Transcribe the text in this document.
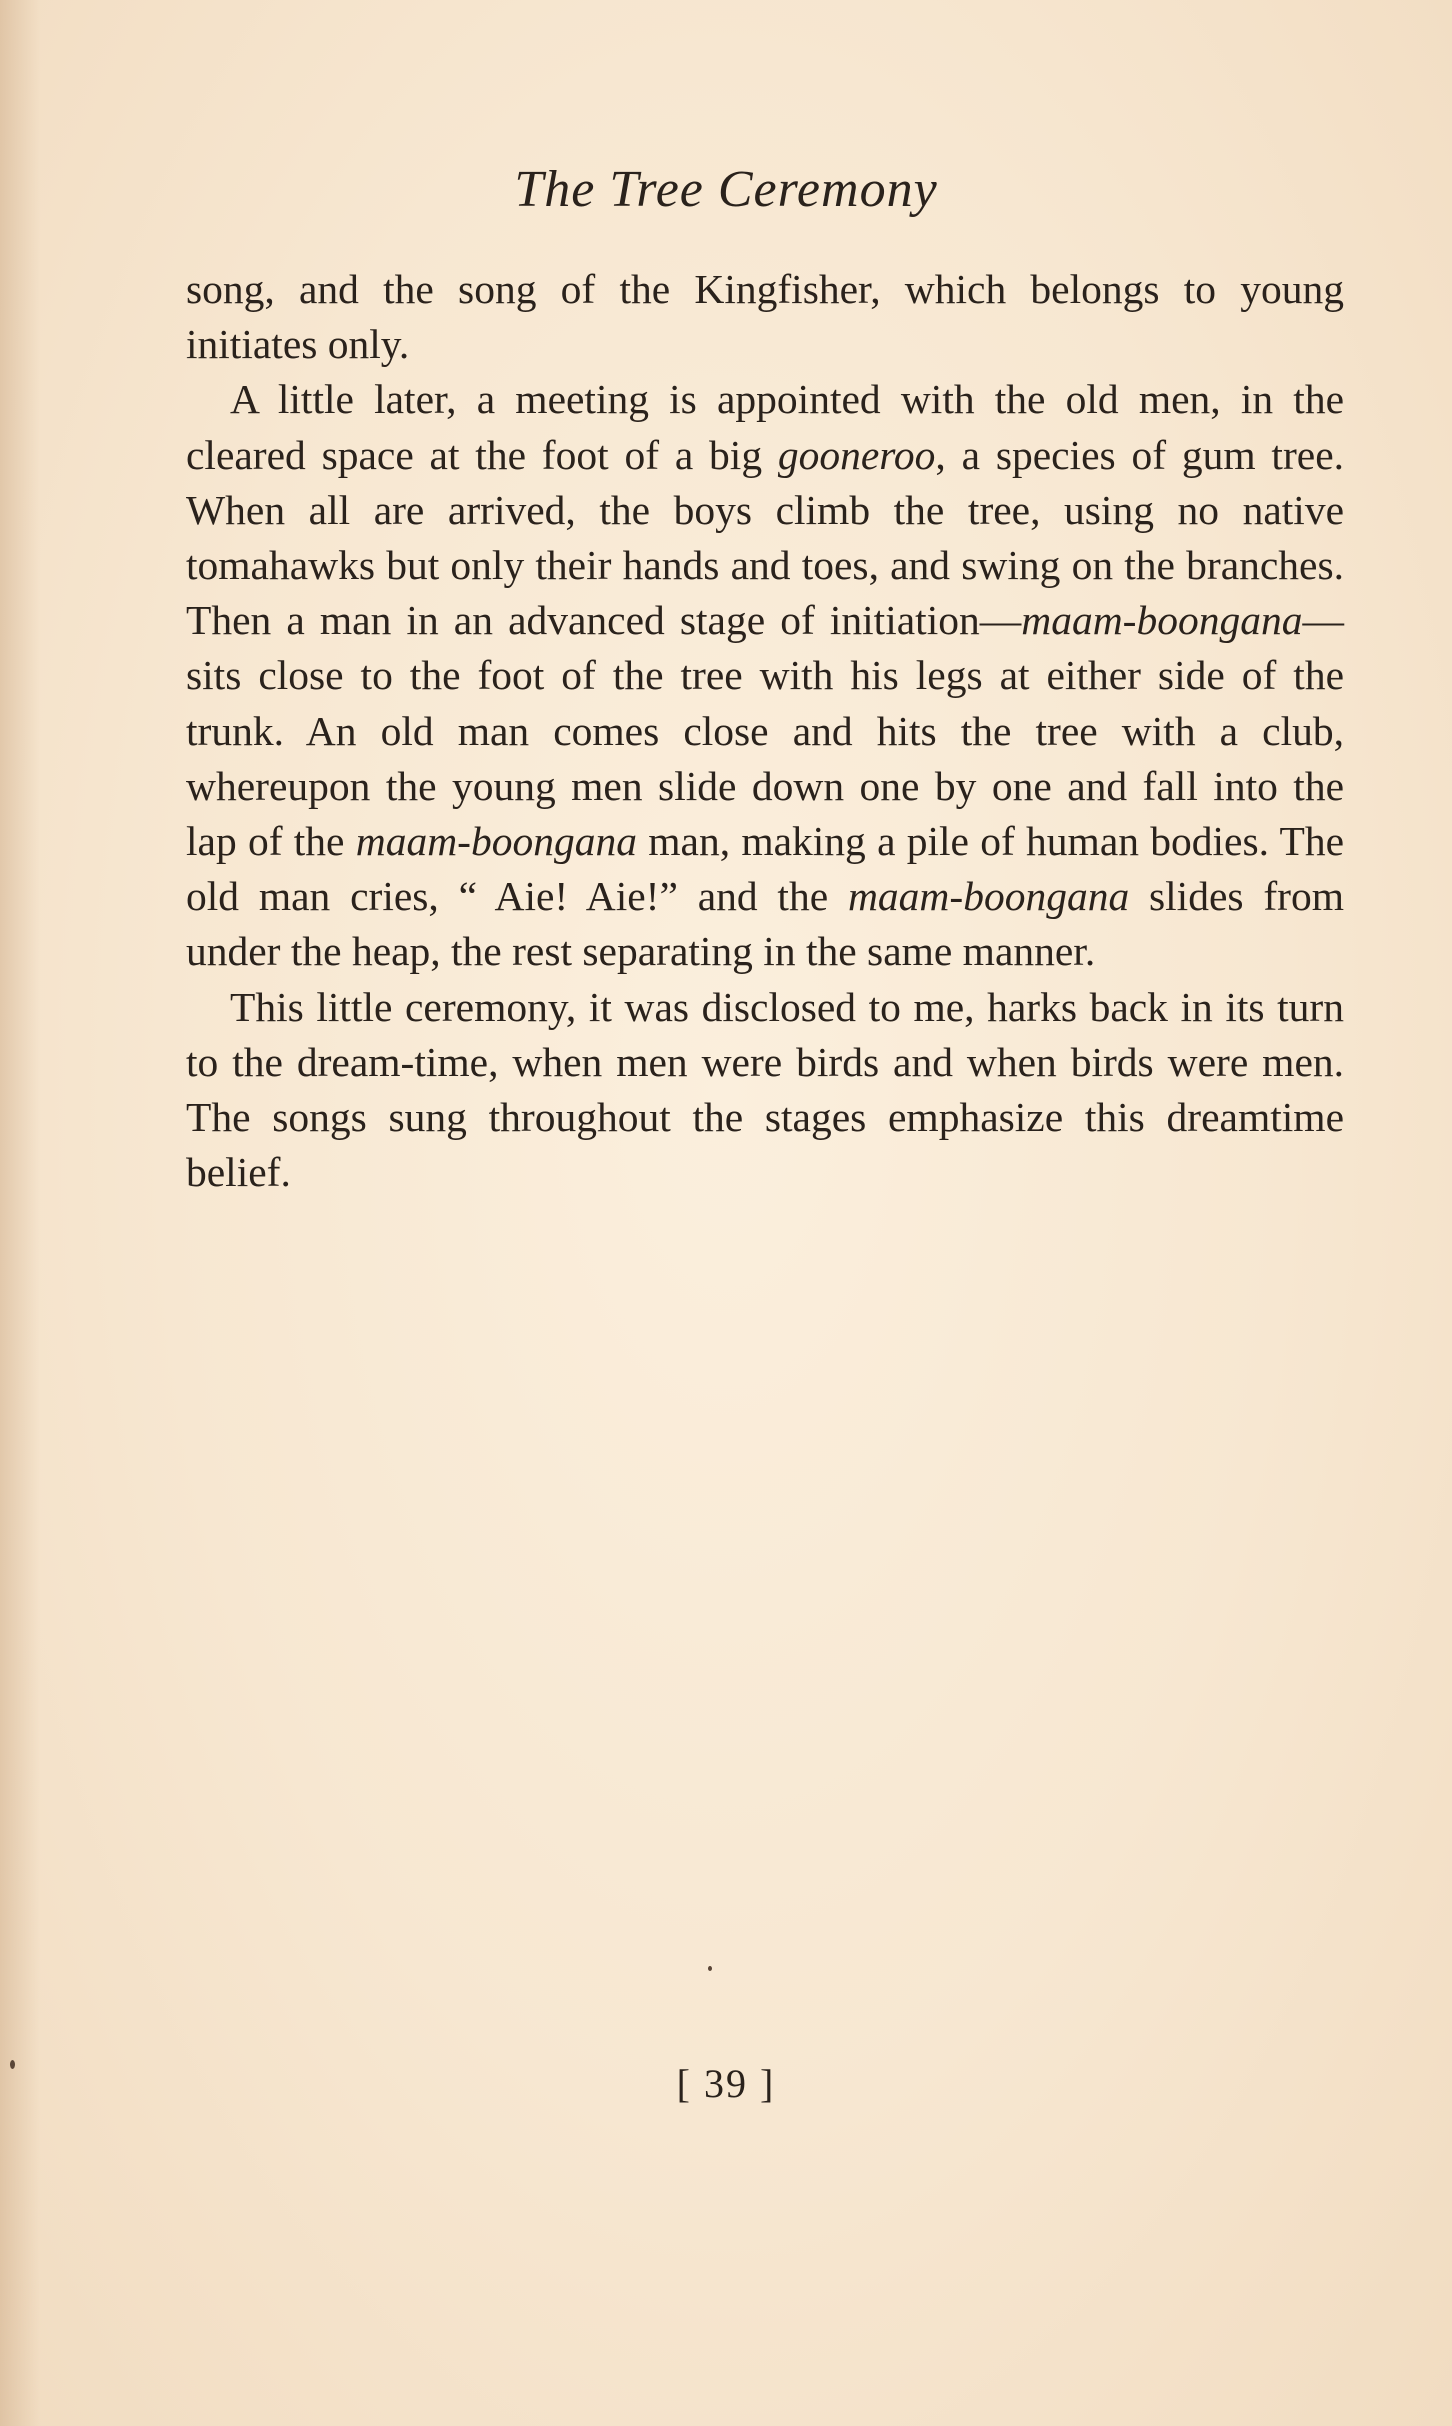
The Tree Ceremony

song, and the song of the Kingfisher, which belongs to young initiates only.

A little later, a meeting is appointed with the old men, in the cleared space at the foot of a big gooneroo, a species of gum tree. When all are arrived, the boys climb the tree, using no native tomahawks but only their hands and toes, and swing on the branches. Then a man in an advanced stage of initiation—maam-boongana—sits close to the foot of the tree with his legs at either side of the trunk. An old man comes close and hits the tree with a club, whereupon the young men slide down one by one and fall into the lap of the maam-boongana man, making a pile of human bodies. The old man cries, “ Aie! Aie!” and the maam-boongana slides from under the heap, the rest separating in the same manner.

This little ceremony, it was disclosed to me, harks back in its turn to the dream-time, when men were birds and when birds were men. The songs sung throughout the stages emphasize this dreamtime belief.

[ 39 ]
